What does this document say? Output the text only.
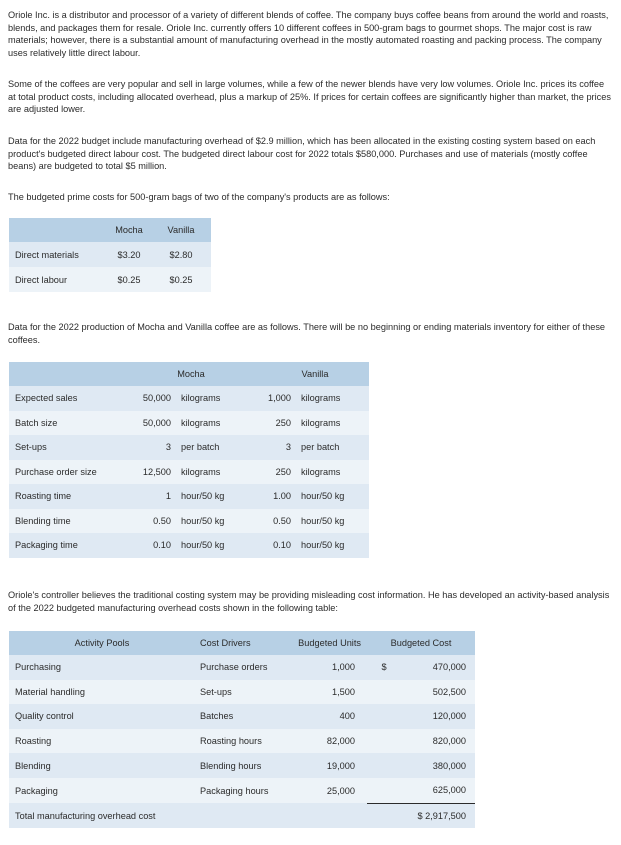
Oriole Inc. is a distributor and processor of a variety of different blends of coffee. The company buys coffee beans from around the world and roasts, blends, and packages them for resale. Oriole Inc. currently offers 10 different coffees in 500-gram bags to gourmet shops. The major cost is raw materials; however, there is a substantial amount of manufacturing overhead in the mostly automated roasting and packing process. The company uses relatively little direct labour.

Some of the coffees are very popular and sell in large volumes, while a few of the newer blends have very low volumes. Oriole Inc. prices its coffee at total product costs, including allocated overhead, plus a markup of 25%. If prices for certain coffees are significantly higher than market, the prices are adjusted lower.

Data for the 2022 budget include manufacturing overhead of $2.9 million, which has been allocated in the existing costing system based on each product's budgeted direct labour cost. The budgeted direct labour cost for 2022 totals $580,000. Purchases and use of materials (mostly coffee beans) are budgeted to total $5 million.

The budgeted prime costs for 500-gram bags of two of the company's products are as follows:

	Mocha	Vanilla
Direct materials	$3.20	$2.80
Direct labour	$0.25	$0.25

Data for the 2022 production of Mocha and Vanilla coffee are as follows. There will be no beginning or ending materials inventory for either of these coffees.

	Mocha			Vanilla		
Expected sales	50,000		kilograms	1,000		kilograms
Batch size	50,000		kilograms	250		kilograms
Set-ups	3		per batch	3		per batch
Purchase order size	12,500		kilograms	250		kilograms
Roasting time	1		hour/50 kg	1.00		hour/50 kg
Blending time	0.50		hour/50 kg	0.50		hour/50 kg
Packaging time	0.10		hour/50 kg	0.10		hour/50 kg

Oriole's controller believes the traditional costing system may be providing misleading cost information. He has developed an activity-based analysis of the 2022 budgeted manufacturing overhead costs shown in the following table:

Activity Pools	Cost Drivers	Budgeted Units	Budgeted Cost	
Purchasing	Purchase orders	1,000	$	470,000
Material handling	Set-ups	1,500		502,500
Quality control	Batches	400		120,000
Roasting	Roasting hours	82,000		820,000
Blending	Blending hours	19,000		380,000
Packaging	Packaging hours	25,000		625,000
Total manufacturing overhead cost			$ 2,917,500	
